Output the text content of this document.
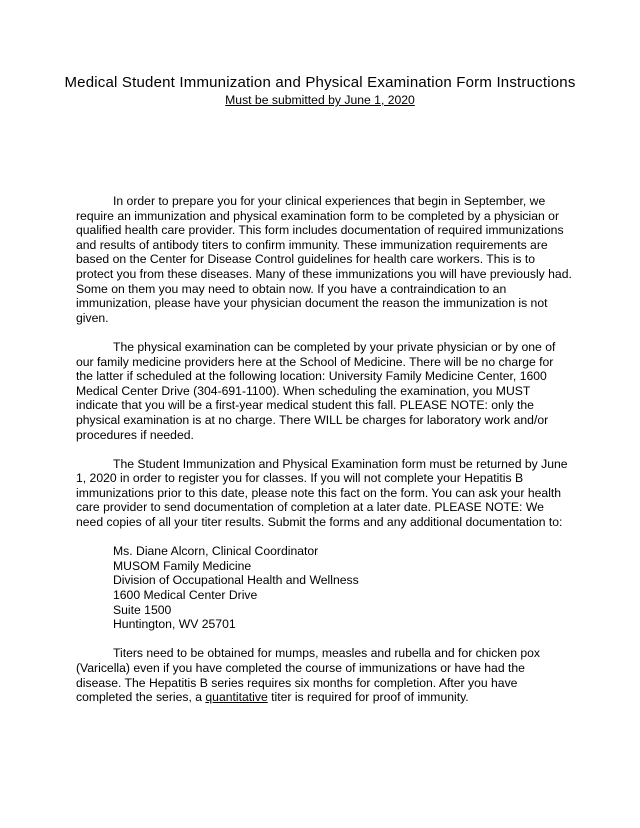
Medical Student Immunization and Physical Examination Form Instructions
Must be submitted by June 1, 2020

In order to prepare you for your clinical experiences that begin in September, we require an immunization and physical examination form to be completed by a physician or qualified health care provider. This form includes documentation of required immunizations and results of antibody titers to confirm immunity. These immunization requirements are based on the Center for Disease Control guidelines for health care workers. This is to protect you from these diseases. Many of these immunizations you will have previously had. Some on them you may need to obtain now. If you have a contraindication to an immunization, please have your physician document the reason the immunization is not given.

The physical examination can be completed by your private physician or by one of our family medicine providers here at the School of Medicine. There will be no charge for the latter if scheduled at the following location: University Family Medicine Center, 1600 Medical Center Drive (304-691-1100). When scheduling the examination, you MUST indicate that you will be a first-year medical student this fall. PLEASE NOTE: only the physical examination is at no charge. There WILL be charges for laboratory work and/or procedures if needed.

The Student Immunization and Physical Examination form must be returned by June 1, 2020 in order to register you for classes. If you will not complete your Hepatitis B immunizations prior to this date, please note this fact on the form. You can ask your health care provider to send documentation of completion at a later date. PLEASE NOTE: We need copies of all your titer results. Submit the forms and any additional documentation to:

Ms. Diane Alcorn, Clinical Coordinator
MUSOM Family Medicine
Division of Occupational Health and Wellness
1600 Medical Center Drive
Suite 1500
Huntington, WV 25701

Titers need to be obtained for mumps, measles and rubella and for chicken pox (Varicella) even if you have completed the course of immunizations or have had the disease. The Hepatitis B series requires six months for completion. After you have completed the series, a quantitative titer is required for proof of immunity.
